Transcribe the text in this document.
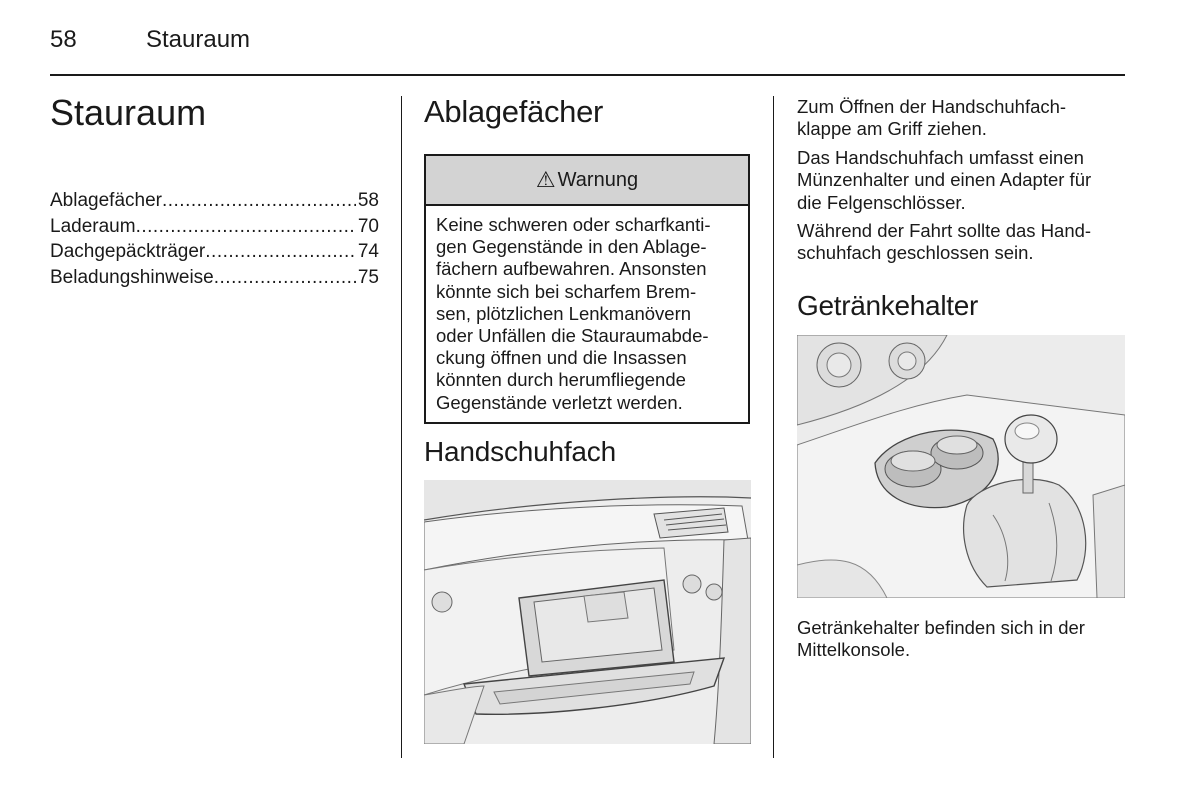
58	Stauraum
Stauraum
Ablagefächer .....	58
Laderaum .....	70
Dachgepäckträger .....	74
Beladungshinweise .....	75
Ablagefächer
⚠ Warnung
Keine schweren oder scharfkanti-
gen Gegenstände in den Ablage-
fächern aufbewahren. Ansonsten
könnte sich bei scharfem Brem-
sen, plötzlichen Lenkmanövern
oder Unfällen die Stauraumabde-
ckung öffnen und die Insassen
könnten durch herumfliegende
Gegenstände verletzt werden.
Handschuhfach

Zum Öffnen der Handschuhfach-
klappe am Griff ziehen.

Das Handschuhfach umfasst einen
Münzenhalter und einen Adapter für
die Felgenschlösser.

Während der Fahrt sollte das Hand-
schuhfach geschlossen sein.

Getränkehalter

Getränkehalter befinden sich in der
Mittelkonsole.
